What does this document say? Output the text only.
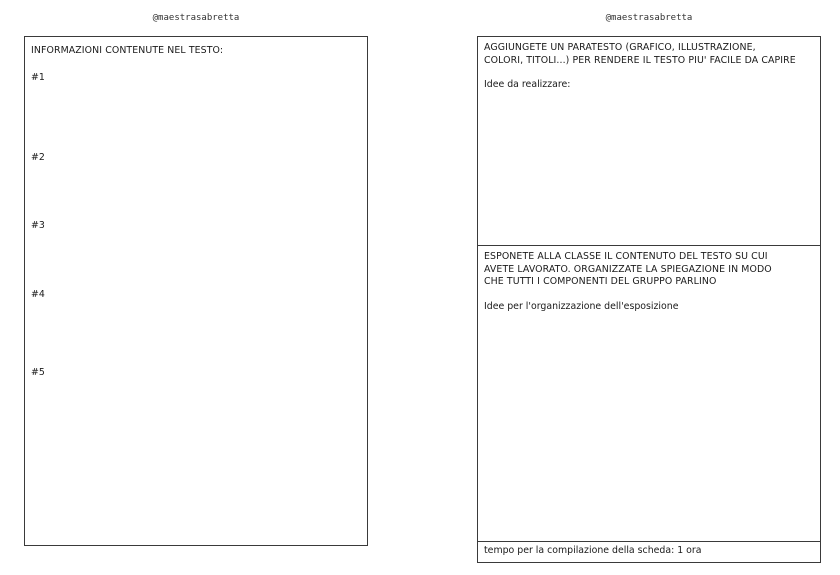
@maestrasabretta	@maestrasabretta
INFORMAZIONI CONTENUTE NEL TESTO:
#1
#2
#3
#4
#5
AGGIUNGETE UN PARATESTO (GRAFICO, ILLUSTRAZIONE,
COLORI, TITOLI...) PER RENDERE IL TESTO PIU' FACILE DA CAPIRE
Idee da realizzare:
ESPONETE ALLA CLASSE IL CONTENUTO DEL TESTO SU CUI
AVETE LAVORATO. ORGANIZZATE LA SPIEGAZIONE IN MODO
CHE TUTTI I COMPONENTI DEL GRUPPO PARLINO
Idee per l'organizzazione dell'esposizione
tempo per la compilazione della scheda: 1 ora
